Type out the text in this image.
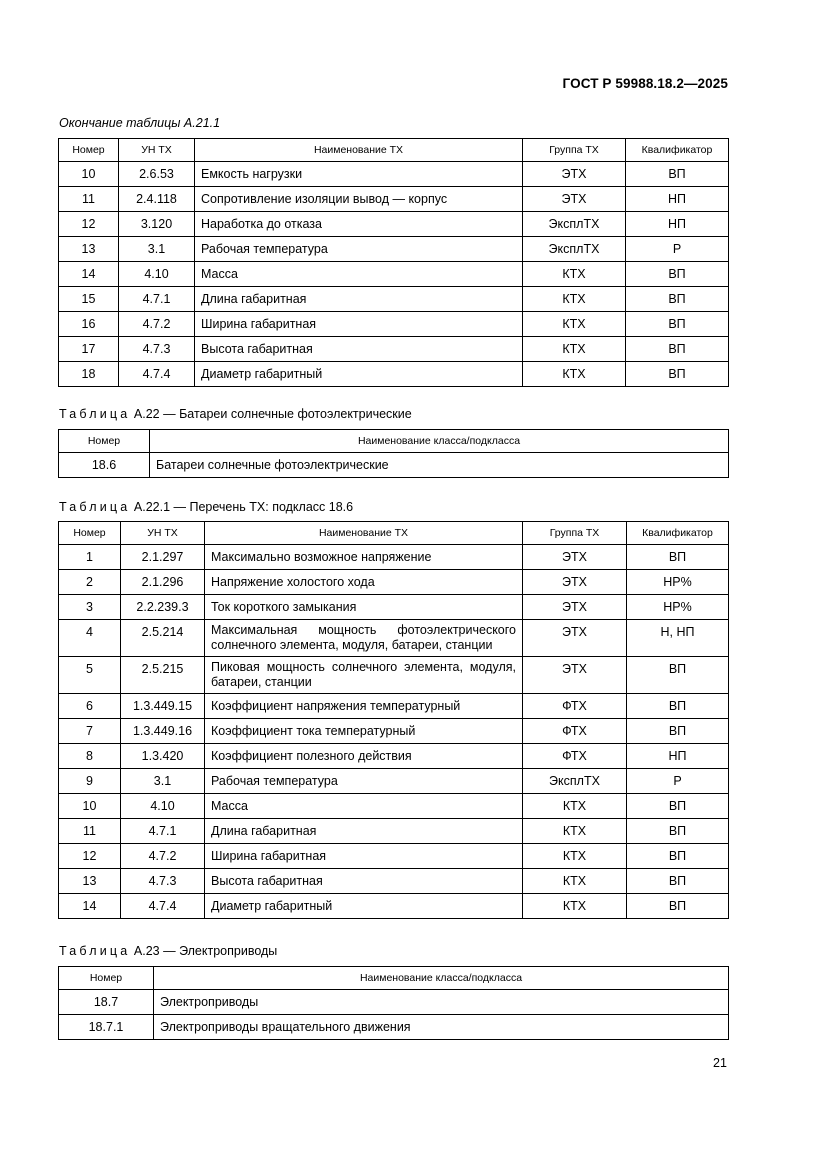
ГОСТ Р 59988.18.2—2025
Окончание таблицы А.21.1
Номер	УН ТХ	Наименование ТХ	Группа ТХ	Квалификатор
10	2.6.53	Емкость нагрузки	ЭТХ	ВП
11	2.4.118	Сопротивление изоляции вывод — корпус	ЭТХ	НП
12	3.120	Наработка до отказа	ЭксплТХ	НП
13	3.1	Рабочая температура	ЭксплТХ	Р
14	4.10	Масса	КТХ	ВП
15	4.7.1	Длина габаритная	КТХ	ВП
16	4.7.2	Ширина габаритная	КТХ	ВП
17	4.7.3	Высота габаритная	КТХ	ВП
18	4.7.4	Диаметр габаритный	КТХ	ВП
Таблица А.22 — Батареи солнечные фотоэлектрические
Номер	Наименование класса/подкласса
18.6	Батареи солнечные фотоэлектрические
Таблица А.22.1 — Перечень ТХ: подкласс 18.6
Номер	УН ТХ	Наименование ТХ	Группа ТХ	Квалификатор
1	2.1.297	Максимально возможное напряжение	ЭТХ	ВП
2	2.1.296	Напряжение холостого хода	ЭТХ	НР%
3	2.2.239.3	Ток короткого замыкания	ЭТХ	НР%
4	2.5.214	Максимальная мощность фотоэлектрического солнечного элемента, модуля, батареи, станции	ЭТХ	Н, НП
5	2.5.215	Пиковая мощность солнечного элемента, модуля, батареи, станции	ЭТХ	ВП
6	1.3.449.15	Коэффициент напряжения температурный	ФТХ	ВП
7	1.3.449.16	Коэффициент тока температурный	ФТХ	ВП
8	1.3.420	Коэффициент полезного действия	ФТХ	НП
9	3.1	Рабочая температура	ЭксплТХ	Р
10	4.10	Масса	КТХ	ВП
11	4.7.1	Длина габаритная	КТХ	ВП
12	4.7.2	Ширина габаритная	КТХ	ВП
13	4.7.3	Высота габаритная	КТХ	ВП
14	4.7.4	Диаметр габаритный	КТХ	ВП
Таблица А.23 — Электроприводы
Номер	Наименование класса/подкласса
18.7	Электроприводы
18.7.1	Электроприводы вращательного движения
21
